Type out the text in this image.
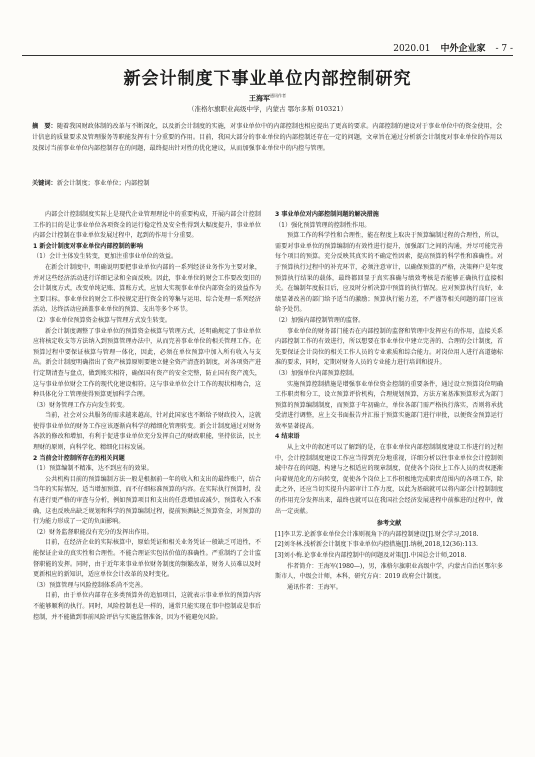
2020.01 中外企业家 - 7 -
新会计制度下事业单位内部控制研究
王海军$^{通讯作者}$
（准格尔旗职业高级中学，内蒙古 鄂尔多斯 010321）
摘　要：随着我国财政体制的改革与不断深化，以及新会计制度的实施，对事业单位中的内部控制也相应提出了更高的要求。内部控制的建设对于事业单位中的资金使用，会计信息的质量要求及管理服务等职能发挥有十分重要的作用。目前，我国大部分的事业单位的内部控制还存在一定的问题，文章旨在通过分析新会计制度对事业单位的作用以及探讨当前事业单位内部控制存在的问题，最终提出针对性的优化建议，从而加强事业单位中的内控与管理。
关键词：新会计制度；事业单位；内部控制

内部会计控制制度实际上是现代企业管理理论中的重要构成，开展内部会计控制工作的目的是让事业单位各项资金的运行稳定性及安全性得到大幅度提升，事业单位内部会计控制在事业单位发展过程中，起到的作用十分重要。

1 新会计制度对事业单位内部控制的影响

（1）会计主体发生转变，更加注重事业单位的效益。

在新会计制度中，明确说明要把事业单位内部的一系列经济业务作为主要对象，并对这些经济活动进行详细记录和全面反映。因此，事业单位的财会工作要改变旧的会计制度方式，改变单纯记账、算账方式，应加大实现事业单位内部资金的效益作为主要目标。事业单位的财会工作按规定进行资金的筹集与运用、综合处理一系列经济活动、达终活动应涵盖事业单位的预算、支出等多个环节。

（2）事业单位预算资金核算与管理方式发生转变。

新会计制度调整了事业单位的预算资金核算与管理方式，还明确规定了事业单位应将核定收支等方法纳入到预算管理办法中，从而完善事业单位的相关管理工作。在预算过程中要保证核算与管理一体化，因此，必须在单位预算中加入所有收入与支出。新会计制度明确指出了资产核算原则要建立健全资产清查的制度，对各项资产进行定期清查与盘点，做到账实相符，确保国有资产的安全完整，防止国有资产流失，这与事业单位财会工作的现代化建设相符。这与事业单位会计工作的现状相吻合，这种具体化分工管理使得预算更加科学合理。

（3）财务管理工作方向发生转变。

当前，社会对公共服务的需求越来越高，针对此国家也不断给予财政投入，这就使得事业单位的财务工作应该逐渐向科学的精细化管理转变。新会计制度通过对财务各款的修改和增加，有利于促进事业单位充分发挥自己的财政职能，坚持依法，民主理财的原则，向科学化、精细化目标发展。

2 当前会计控制所存在的相关问题

（1）预算编制不精准，达不到应有的效果。

公共机构目前的预算编制方法一般是根据前一年的收入和支出的最终账户，结合当年的实际情况，适当增加预算，而不仔细标准预算的内容。在实际执行预算时，没有进行更严格的审查与分析，例如预算项目和支出的任意增加或减少，预算收入不准确，这也反映出缺乏规划和科学的预算编制过程，提前预测缺乏预算资金，对预算的行为能力形成了一定的负面影响。

（2）财务监督职能没有充分的发挥出作用。

目前，在经济企业的实际核算中，原始凭证和相关业务凭证一般缺乏可追性，不能保证企业的真实性和合理性。不能合理证实包括价值的准确性。严重制约了会计监督职能的发挥。同时，由于近年来事业单位财务制度的频繁改革，财务人员难以及时更新相应的新知识，适应单位会计改革的及时变化。

（3）预算管理与风险控制体系尚不完善。

目前，由于单位内部存在多类预算外的追加项目，这就表示事业单位的预算内容不能够顺利的执行。同时，风险控制也是一样的，通常只能实现在事中控制或是事后控制，并不能做到事前风险评估与实施监督准备，因为不能避免风险。

3 事业单位对内部控制问题的解决措施

（1）强化预算管理的控制性作用。

预算工作的科学性和合理性，能在程度上取决于预算编制过程的合理性，所以，需要对事业单位的预算编制的有效性进行提升，加强部门之间的沟通，并尽可能完善每个项目的预算。充分反映其真实的不确定性因素，提高预算的科学性和准确性。对于预算执行过程中的补充环节，必须注意审计，以确保预算的严格，决策释户是年度预算执行结果的载体，最终都回显于真实准确与绩效考核是否能够正确执行直接相关。在编制年度报目后，应及时分析决算中预算的执行情况。应对预算执行良好，业绩显著改善的部门给予适当的激励；预算执行能力差，不严谨等相关问题的部门应该给予处罚。

（2）加强内部控制管理的监督。

事业单位的财务部门能否在内部控制的监督和管理中发挥应有的作用，直接关系内部控制工作的有效进行，所以想要在事业单位中建立完善的、合理的会计制度，首先要保证会计岗位的相关工作人员的专业素质和综合能力。对岗位用人进行高道德标准的要求，同时，定期对财务人员的专业能力进行培训和提升。

（3）加强单位内部预算控制。

实施预算控制措施是增强事业单位资金控制的重要条件，通过设立预算岗位明确工作职责和分工，设立预算评价机构，合理规划预算，方法方案基准预算形式为部门预算的预算编制制度，而预算于年初确立，单位各部门需严格执行落实，否则将承扰受清进行调整，应上交书面报告并汇报于预算实施部门进行审批，以便资金预算运行效率显著提高。

4 结束语

从上文中的叙述可以了解到的是，在事业单位内部控制制度建设工作进行的过程中，会计控制制度建设工作应当得到充分地重视，详细分析以往事业单位会计控制领域中存在的问题，构建与之相适应的现章制度，促使各个岗位上工作人员的责权逐渐向着规范化的方向转变，促使各个岗位上工作积极地完成职责范围内的各项工作，除此之外，还应当切实提升内部审计工作力度，以此为基础就可以将内部会计控制制度的作用充分发挥出来，最终也就可以在我国社会经济发展进程中前推进的过程中，做出一定贡献。

参考文献

[1]李卫芳.论新事业单位会计准则视角下的内部控制建设[J].财会学习,2018.

[2]刘冬林.浅析新会计制度下事业单位内控措施[J].纳税,2018,12(36):113.

[3]刘小梅.论事业单位内部控制中的问题及对策[J].中国总会计师,2018.

作者简介：王海军(1980—)，男，准格尔旗职业高级中学，内蒙古自治区鄂尔多斯市人，中级会计师，本科，研究方向：2019 政府会计制度。

通讯作者：王海军。
